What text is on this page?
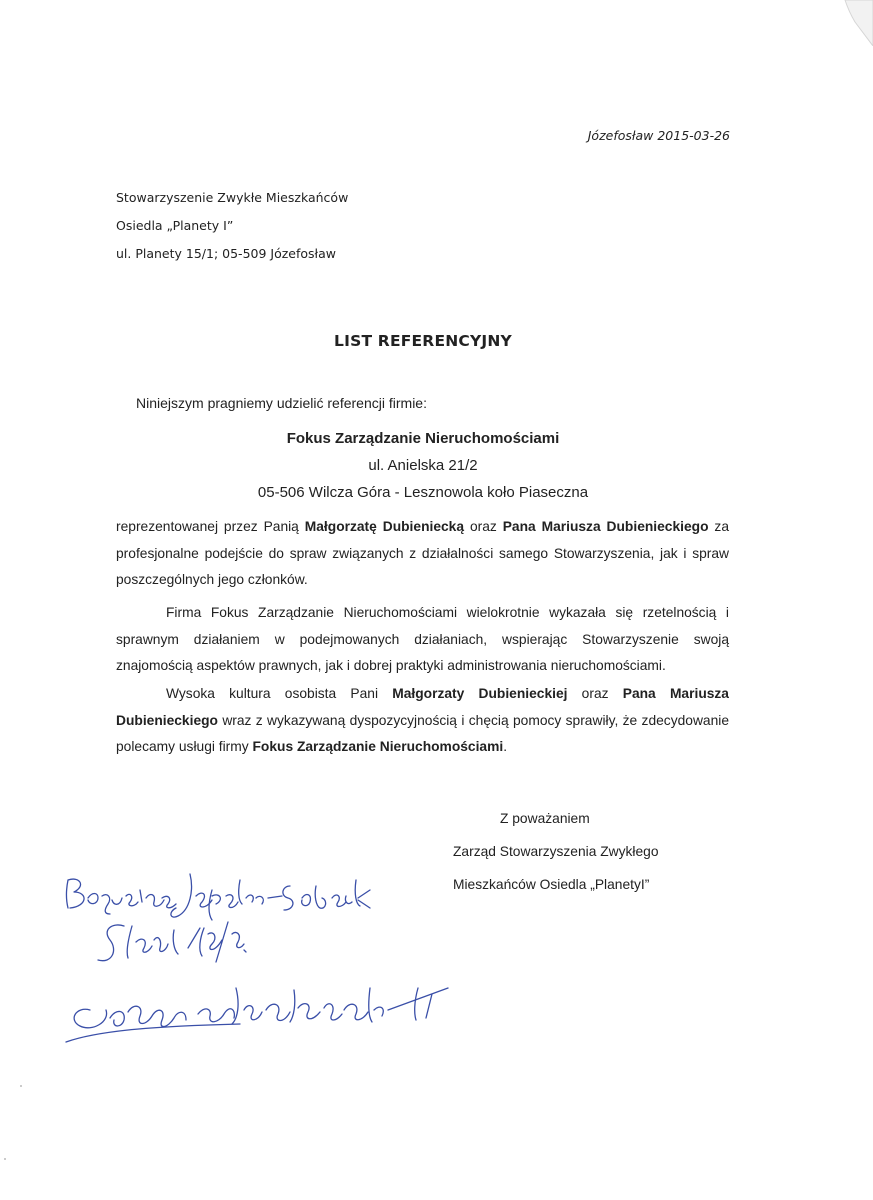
Józefosław 2015-03-26
Stowarzyszenie Zwykłe Mieszkańców
Osiedla „Planety I”
ul. Planety 15/1; 05-509 Józefosław
LIST REFERENCYJNY
Niniejszym pragniemy udzielić referencji firmie:
Fokus Zarządzanie Nieruchomościami
ul. Anielska 21/2
05-506 Wilcza Góra - Lesznowola koło Piaseczna
reprezentowanej przez Panią Małgorzatę Dubieniecką oraz Pana Mariusza Dubienieckiego za profesjonalne podejście do spraw związanych z działalności samego Stowarzyszenia, jak i spraw poszczególnych jego członków.
Firma Fokus Zarządzanie Nieruchomościami wielokrotnie wykazała się rzetelnością i sprawnym działaniem w podejmowanych działaniach, wspierając Stowarzyszenie swoją znajomością aspektów prawnych, jak i dobrej praktyki administrowania nieruchomościami.
Wysoka kultura osobista Pani Małgorzaty Dubienieckiej oraz Pana Mariusza Dubienieckiego wraz z wykazywaną dyspozycyjnością i chęcią pomocy sprawiły, że zdecydowanie polecamy usługi firmy Fokus Zarządzanie Nieruchomościami.
Z poważaniem
Zarząd Stowarzyszenia Zwykłego
Mieszkańców Osiedla „PlanetyI”
